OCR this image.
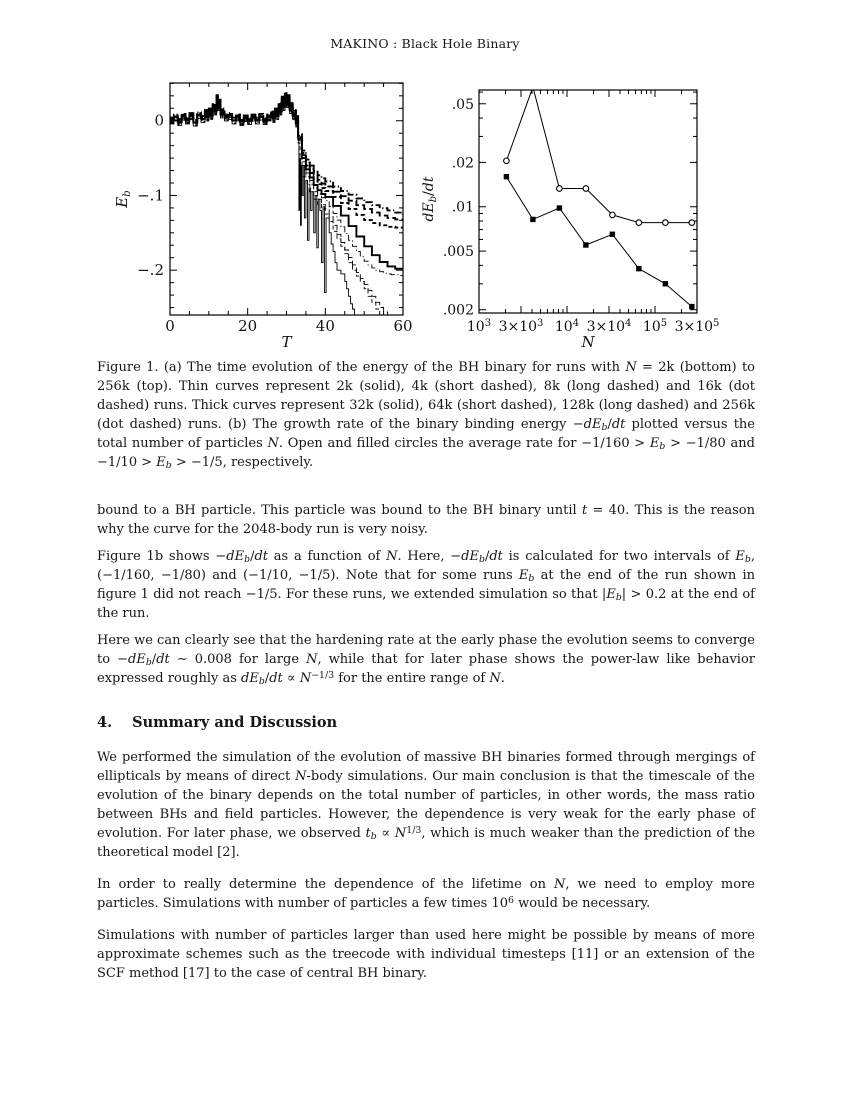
MAKINO : Black Hole Binary
0	20	40	60
0
−.1
−.2
T
$E_b$
$10^3$ $3\times 10^3$ $10^4$ $3\times 10^4$ $10^5$ $3\times 10^5$
.05
.02
.01
.005
.002
N
$dE_b/dt$
Figure 1. (a) The time evolution of the energy of the BH binary for runs with N = 2k (bottom) to 256k (top). Thin curves represent 2k (solid), 4k (short dashed), 8k (long dashed) and 16k (dot dashed) runs. Thick curves represent 32k (solid), 64k (short dashed), 128k (long dashed) and 256k (dot dashed) runs. (b) The growth rate of the binary binding energy $-dE_b/dt$ plotted versus the total number of particles N. Open and filled circles the average rate for $-1/160 > E_b > -1/80$ and $-1/10 > E_b > -1/5$, respectively.

bound to a BH particle. This particle was bound to the BH binary until t = 40. This is the reason why the curve for the 2048-body run is very noisy.

Figure 1b shows $-dE_b/dt$ as a function of N. Here, $-dE_b/dt$ is calculated for two intervals of $E_b$, (−1/160, −1/80) and (−1/10, −1/5). Note that for some runs $E_b$ at the end of the run shown in figure 1 did not reach −1/5. For these runs, we extended simulation so that $|E_b| > 0.2$ at the end of the run.

Here we can clearly see that the hardening rate at the early phase the evolution seems to converge to $-dE_b/dt$ ∼ 0.008 for large N, while that for later phase shows the power-law like behavior expressed roughly as $dE_b/dt \propto N^{-1/3}$ for the entire range of N.

4. Summary and Discussion

We performed the simulation of the evolution of massive BH binaries formed through mergings of ellipticals by means of direct N-body simulations. Our main conclusion is that the timescale of the evolution of the binary depends on the total number of particles, in other words, the mass ratio between BHs and field particles. However, the dependence is very weak for the early phase of evolution. For later phase, we observed $t_b \propto N^{1/3}$, which is much weaker than the prediction of the theoretical model [2].

In order to really determine the dependence of the lifetime on N, we need to employ more particles. Simulations with number of particles a few times $10^6$ would be necessary.

Simulations with number of particles larger than used here might be possible by means of more approximate schemes such as the treecode with individual timesteps [11] or an extension of the SCF method [17] to the case of central BH binary.
